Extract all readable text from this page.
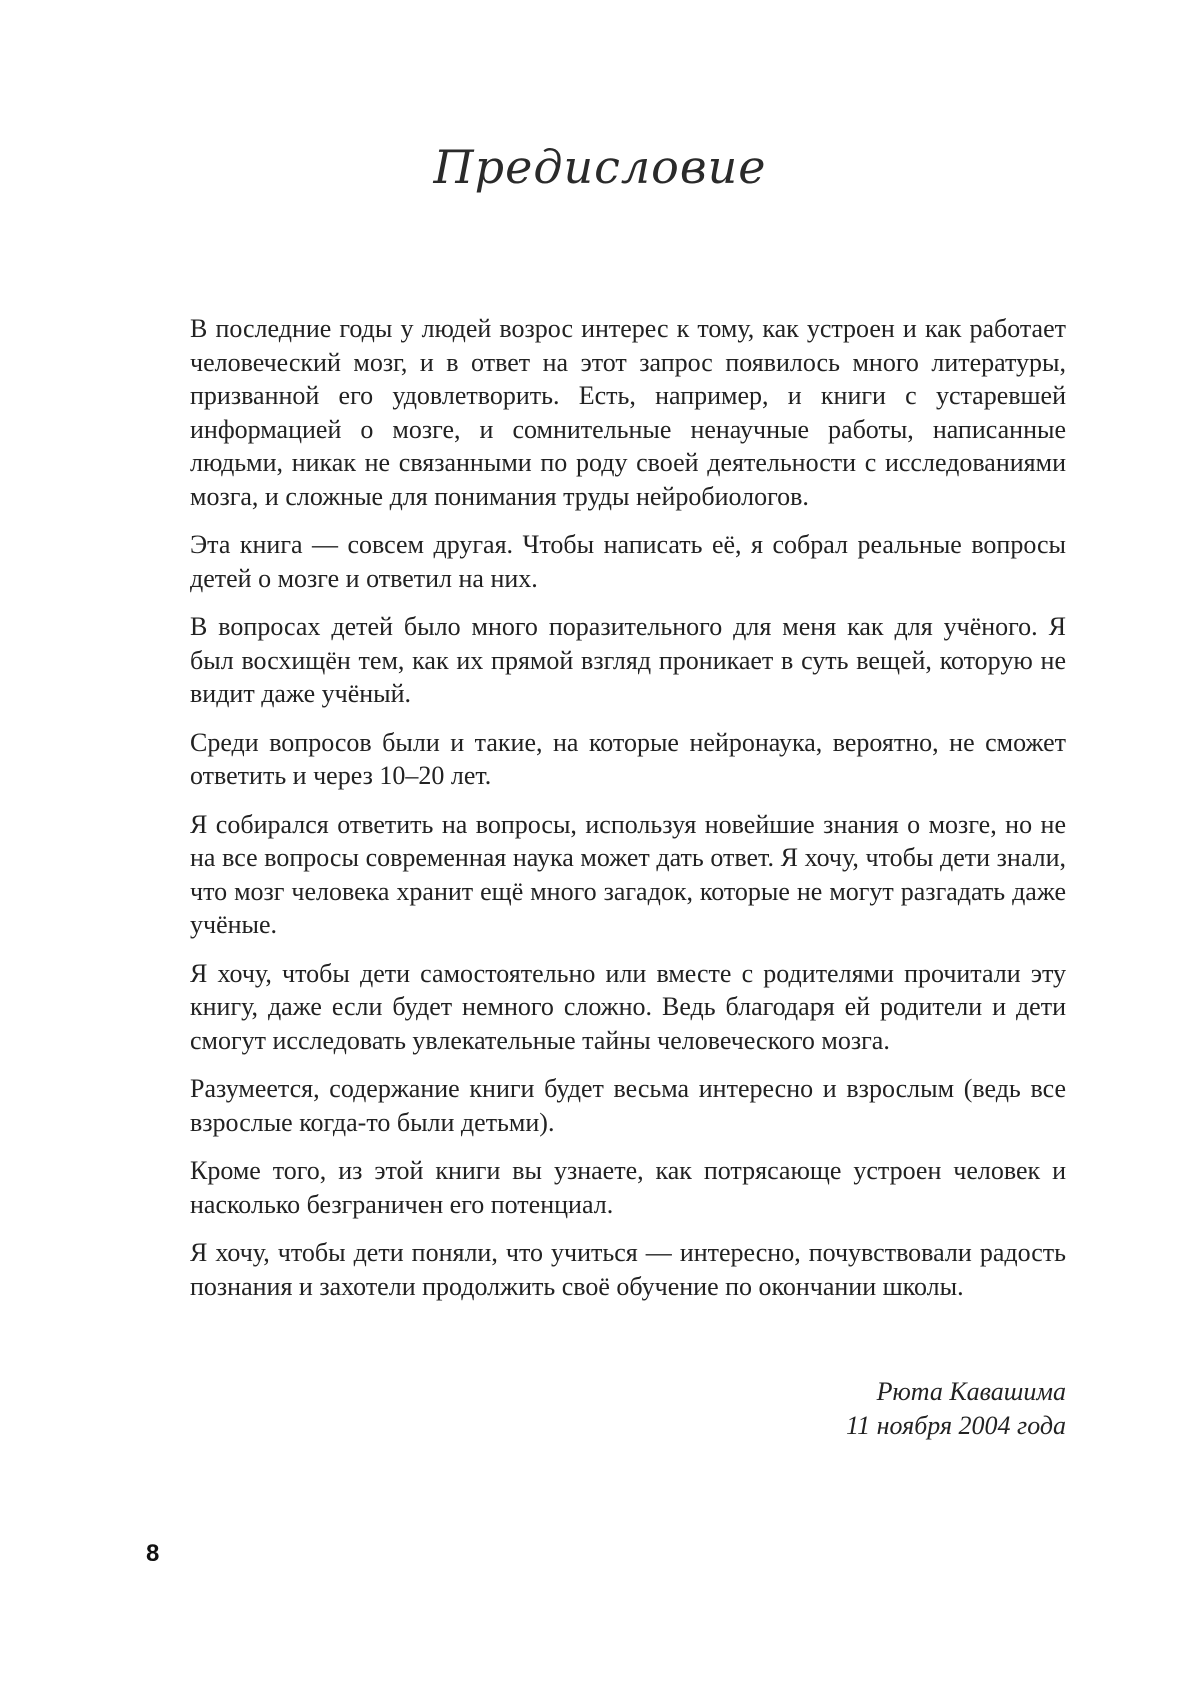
Предисловие

В последние годы у людей возрос интерес к тому, как устроен и как работает человеческий мозг, и в ответ на этот запрос появилось много литературы, призванной его удовлетворить. Есть, например, и книги с устаревшей информацией о мозге, и сомнительные ненаучные работы, написанные людьми, никак не связанными по роду своей деятельности с исследованиями мозга, и сложные для понимания труды нейробиологов.

Эта книга — совсем другая. Чтобы написать её, я собрал реальные вопросы детей о мозге и ответил на них.

В вопросах детей было много поразительного для меня как для учёного. Я был восхищён тем, как их прямой взгляд проникает в суть вещей, которую не видит даже учёный.

Среди вопросов были и такие, на которые нейронаука, вероятно, не сможет ответить и через 10–20 лет.

Я собирался ответить на вопросы, используя новейшие знания о мозге, но не на все вопросы современная наука может дать ответ. Я хочу, чтобы дети знали, что мозг человека хранит ещё много загадок, которые не могут разгадать даже учёные.

Я хочу, чтобы дети самостоятельно или вместе с родителями прочитали эту книгу, даже если будет немного сложно. Ведь благодаря ей родители и дети смогут исследовать увлекательные тайны человеческого мозга.

Разумеется, содержание книги будет весьма интересно и взрослым (ведь все взрослые когда-то были детьми).

Кроме того, из этой книги вы узнаете, как потрясающе устроен человек и насколько безграничен его потенциал.

Я хочу, чтобы дети поняли, что учиться — интересно, почувствовали радость познания и захотели продолжить своё обучение по окончании школы.

Рюта Кавашима
11 ноября 2004 года
8
